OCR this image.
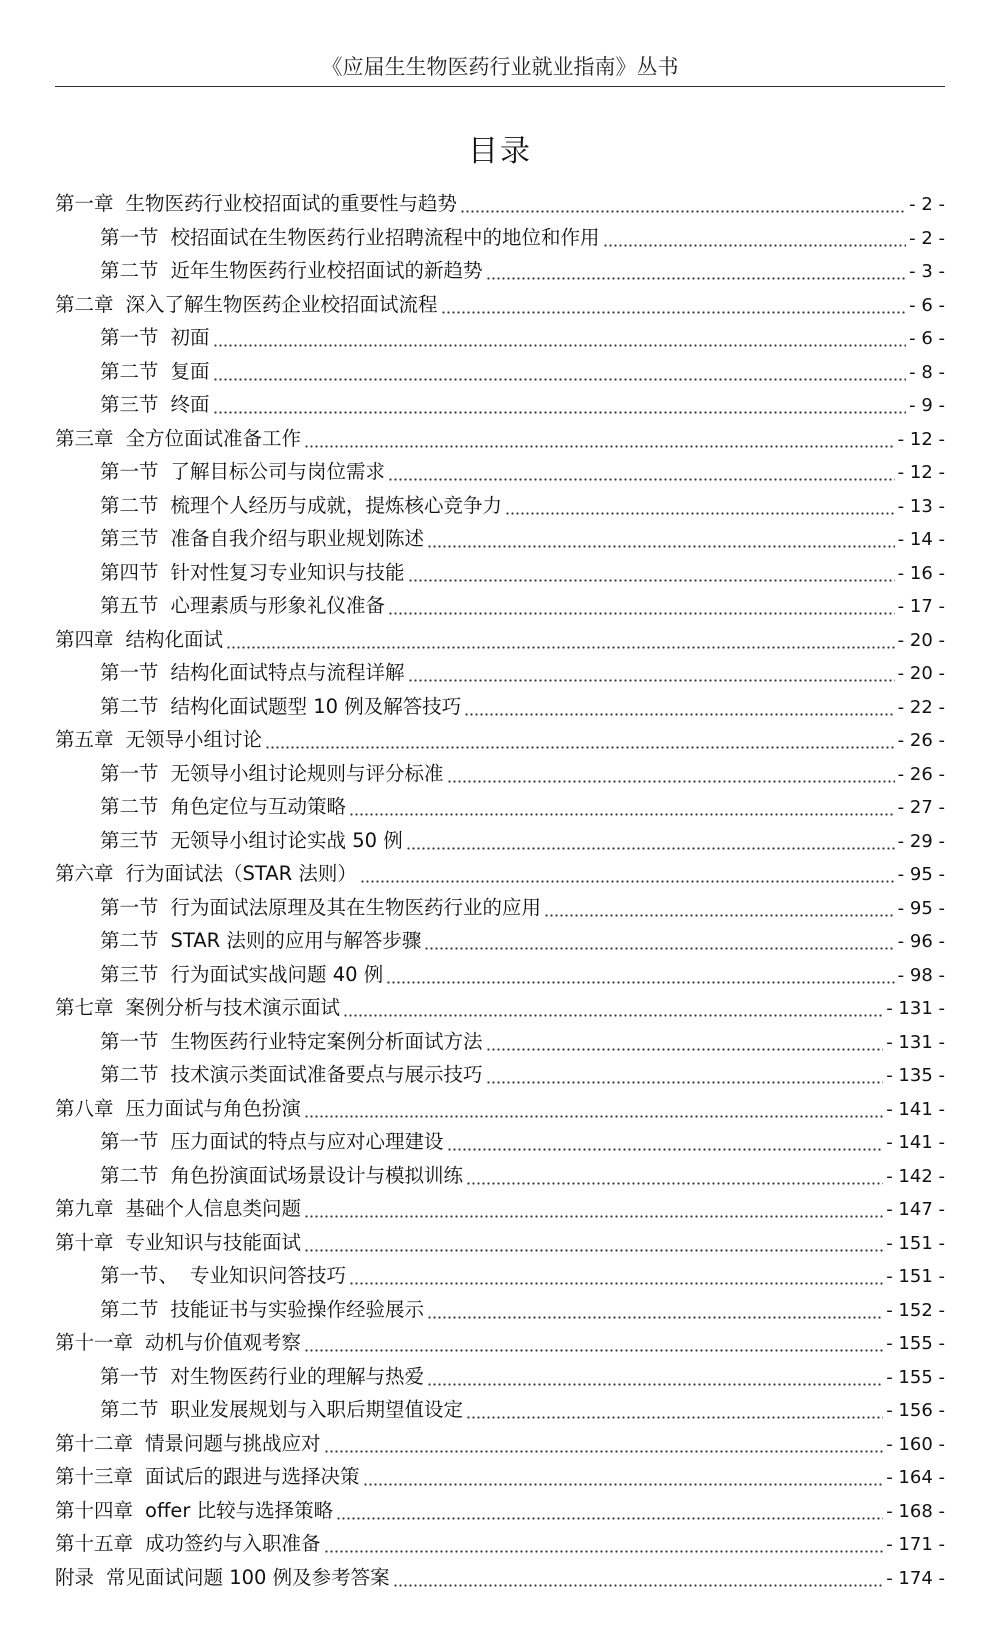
《应届生生物医药行业就业指南》丛书
目录
第一章 生物医药行业校招面试的重要性与趋势	- 2 -
第一节 校招面试在生物医药行业招聘流程中的地位和作用	- 2 -
第二节 近年生物医药行业校招面试的新趋势	- 3 -
第二章 深入了解生物医药企业校招面试流程	- 6 -
第一节 初面	- 6 -
第二节 复面	- 8 -
第三节 终面	- 9 -
第三章 全方位面试准备工作	- 12 -
第一节 了解目标公司与岗位需求	- 12 -
第二节 梳理个人经历与成就，提炼核心竞争力	- 13 -
第三节 准备自我介绍与职业规划陈述	- 14 -
第四节 针对性复习专业知识与技能	- 16 -
第五节 心理素质与形象礼仪准备	- 17 -
第四章 结构化面试	- 20 -
第一节 结构化面试特点与流程详解	- 20 -
第二节 结构化面试题型 10 例及解答技巧	- 22 -
第五章 无领导小组讨论	- 26 -
第一节 无领导小组讨论规则与评分标准	- 26 -
第二节 角色定位与互动策略	- 27 -
第三节 无领导小组讨论实战 50 例	- 29 -
第六章 行为面试法（STAR 法则）	- 95 -
第一节 行为面试法原理及其在生物医药行业的应用	- 95 -
第二节 STAR 法则的应用与解答步骤	- 96 -
第三节 行为面试实战问题 40 例	- 98 -
第七章 案例分析与技术演示面试	- 131 -
第一节 生物医药行业特定案例分析面试方法	- 131 -
第二节 技术演示类面试准备要点与展示技巧	- 135 -
第八章 压力面试与角色扮演	- 141 -
第一节 压力面试的特点与应对心理建设	- 141 -
第二节 角色扮演面试场景设计与模拟训练	- 142 -
第九章 基础个人信息类问题	- 147 -
第十章 专业知识与技能面试	- 151 -
第一节、 专业知识问答技巧	- 151 -
第二节 技能证书与实验操作经验展示	- 152 -
第十一章 动机与价值观考察	- 155 -
第一节 对生物医药行业的理解与热爱	- 155 -
第二节 职业发展规划与入职后期望值设定	- 156 -
第十二章 情景问题与挑战应对	- 160 -
第十三章 面试后的跟进与选择决策	- 164 -
第十四章 offer 比较与选择策略	- 168 -
第十五章 成功签约与入职准备	- 171 -
附录 常见面试问题 100 例及参考答案	- 174 -
